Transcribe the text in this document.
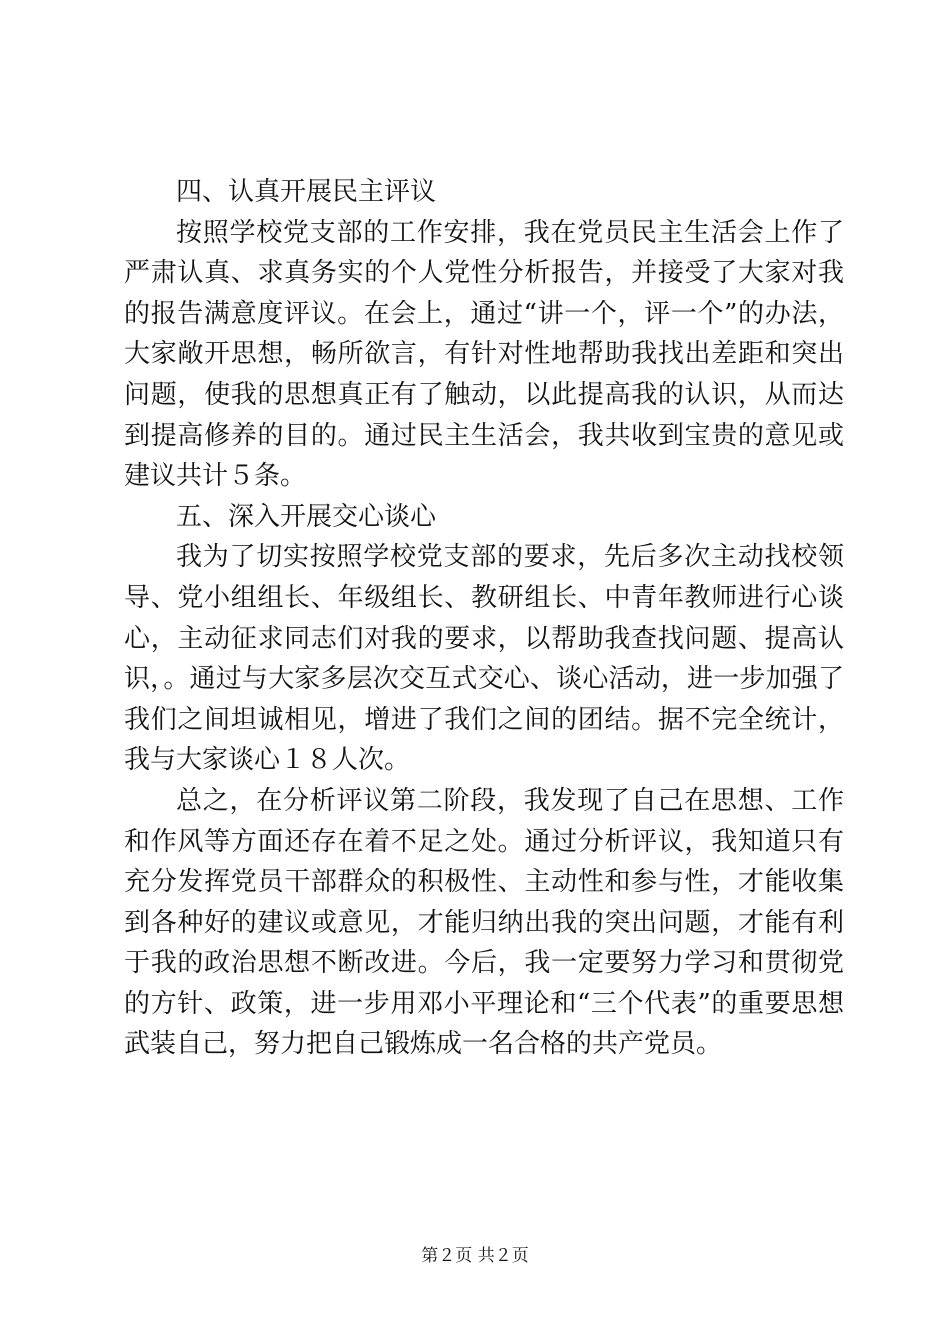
四、认真开展民主评议

按照学校党支部的工作安排，我在党员民主生活会上作了严肃认真、求真务实的个人党性分析报告，并接受了大家对我的报告满意度评议。在会上，通过“讲一个，评一个”的办法，大家敞开思想，畅所欲言，有针对性地帮助我找出差距和突出问题，使我的思想真正有了触动，以此提高我的认识，从而达到提高修养的目的。通过民主生活会，我共收到宝贵的意见或建议共计５条。

五、深入开展交心谈心

我为了切实按照学校党支部的要求，先后多次主动找校领导、党小组组长、年级组长、教研组长、中青年教师进行心谈心，主动征求同志们对我的要求，以帮助我查找问题、提高认识，。通过与大家多层次交互式交心、谈心活动，进一步加强了我们之间坦诚相见，增进了我们之间的团结。据不完全统计，我与大家谈心１８人次。

总之，在分析评议第二阶段，我发现了自己在思想、工作和作风等方面还存在着不足之处。通过分析评议，我知道只有充分发挥党员干部群众的积极性、主动性和参与性，才能收集到各种好的建议或意见，才能归纳出我的突出问题，才能有利于我的政治思想不断改进。今后，我一定要努力学习和贯彻党的方针、政策，进一步用邓小平理论和“三个代表”的重要思想武装自己，努力把自己锻炼成一名合格的共产党员。

第２页 共２页
